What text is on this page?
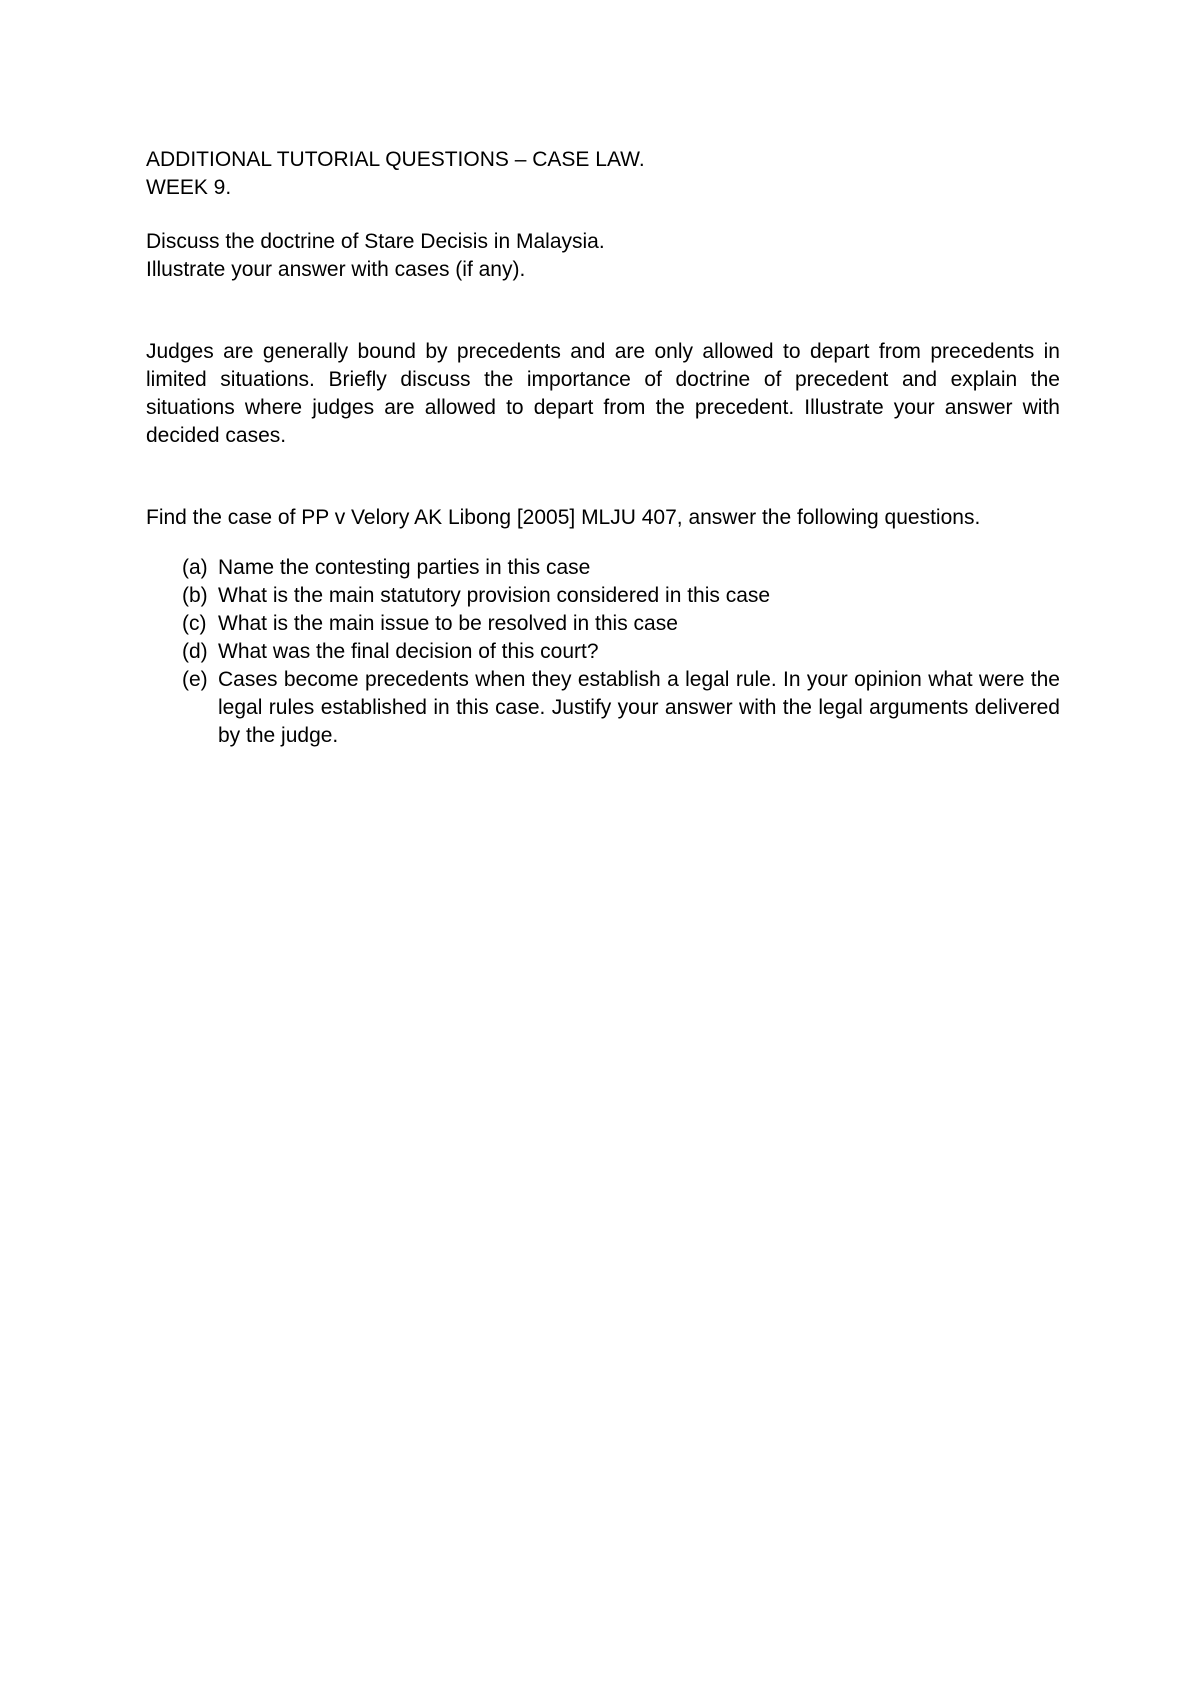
ADDITIONAL TUTORIAL QUESTIONS – CASE LAW.
WEEK 9.
Discuss the doctrine of Stare Decisis in Malaysia.
Illustrate your answer with cases (if any).

Judges are generally bound by precedents and are only allowed to depart from precedents in limited situations. Briefly discuss the importance of doctrine of precedent and explain the situations where judges are allowed to depart from the precedent. Illustrate your answer with decided cases.

Find the case of PP v Velory AK Libong [2005] MLJU 407, answer the following questions.

(a) Name the contesting parties in this case
(b) What is the main statutory provision considered in this case
(c) What is the main issue to be resolved in this case
(d) What was the final decision of this court?
(e) Cases become precedents when they establish a legal rule. In your opinion what were the legal rules established in this case. Justify your answer with the legal arguments delivered by the judge.
